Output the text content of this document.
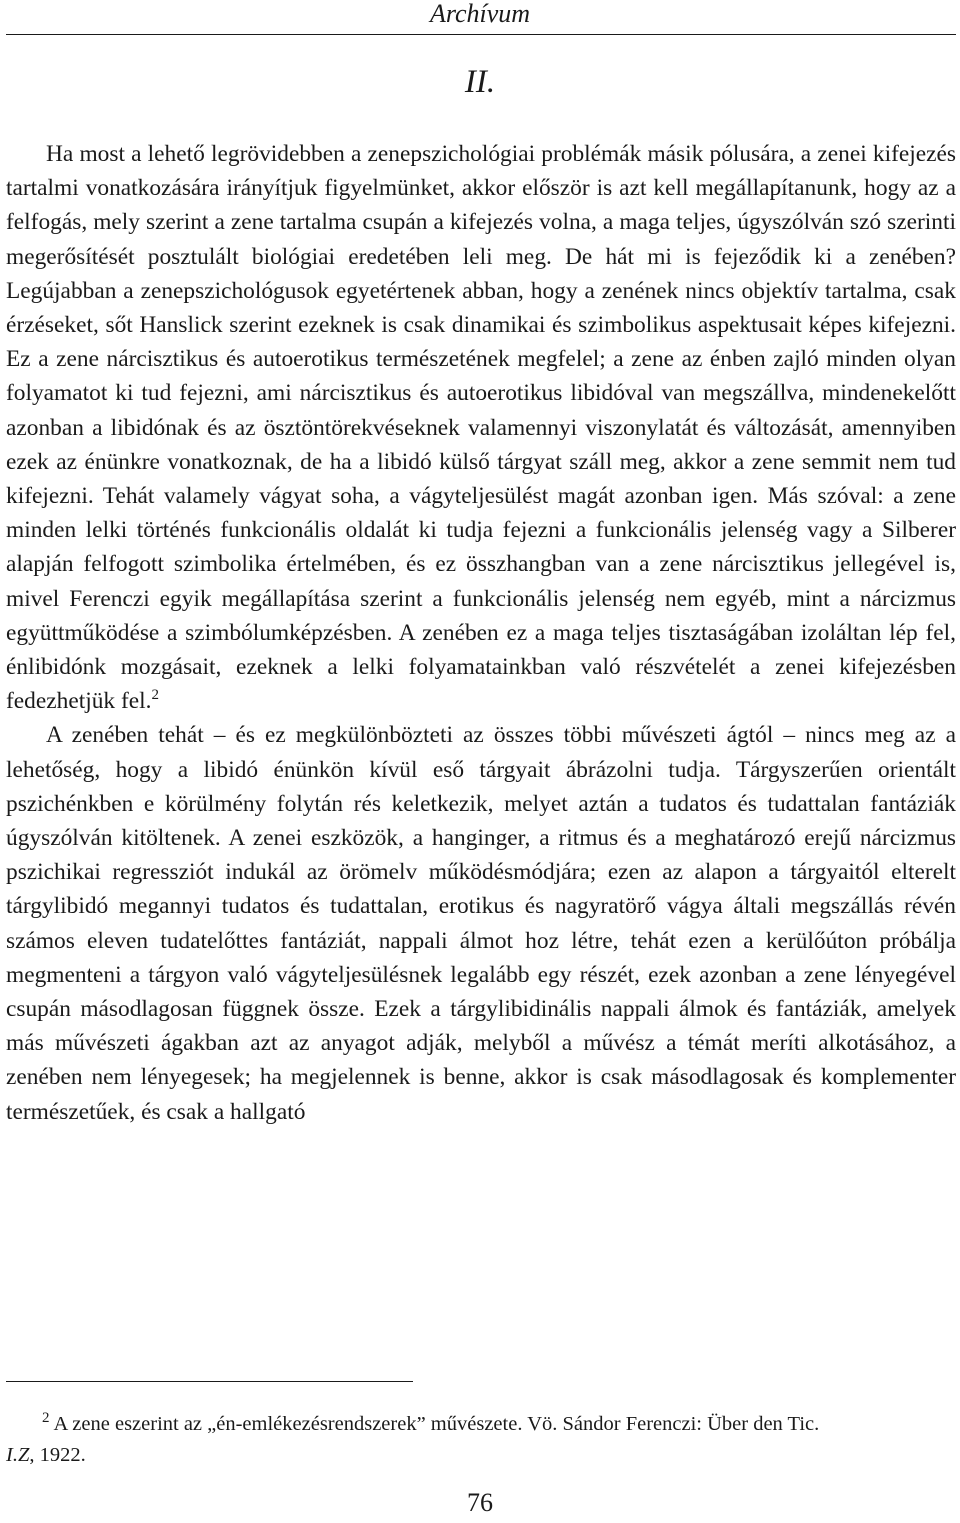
Archívum
II.

Ha most a lehető legrövidebben a zenepszichológiai problémák másik pólusára, a zenei kifejezés tartalmi vonatkozására irányítjuk figyelmünket, akkor először is azt kell megállapítanunk, hogy az a felfogás, mely szerint a zene tartalma csupán a kifejezés volna, a maga teljes, úgyszólván szó szerinti megerősítését posztulált biológiai eredetében leli meg. De hát mi is fejeződik ki a zenében? Legújabban a zenepszichológusok egyetértenek abban, hogy a zenének nincs objektív tartalma, csak érzéseket, sőt Hanslick szerint ezeknek is csak dinamikai és szimbolikus aspektusait képes kifejezni. Ez a zene nárcisztikus és autoerotikus természetének megfelel; a zene az énben zajló minden olyan folyamatot ki tud fejezni, ami nárcisztikus és autoerotikus libidóval van megszállva, mindenekelőtt azonban a libidónak és az ösztöntörekvéseknek valamennyi viszonylatát és változását, amennyiben ezek az énünkre vonatkoznak, de ha a libidó külső tárgyat száll meg, akkor a zene semmit nem tud kifejezni. Tehát valamely vágyat soha, a vágyteljesülést magát azonban igen. Más szóval: a zene minden lelki történés funkcionális oldalát ki tudja fejezni a funkcionális jelenség vagy a Silberer alapján felfogott szimbolika értelmében, és ez összhangban van a zene nárcisztikus jellegével is, mivel Ferenczi egyik megállapítása szerint a funkcionális jelenség nem egyéb, mint a nárcizmus együttműködése a szimbólumképzésben. A zenében ez a maga teljes tisztaságában izoláltan lép fel, énlibidónk mozgásait, ezeknek a lelki folyamatainkban való részvételét a zenei kifejezésben fedezhetjük fel.$^2$

A zenében tehát – és ez megkülönbözteti az összes többi művészeti ágtól – nincs meg az a lehetőség, hogy a libidó énünkön kívül eső tárgyait ábrázolni tudja. Tárgyszerűen orientált pszichénkben e körülmény folytán rés keletkezik, melyet aztán a tudatos és tudattalan fantáziák úgyszólván kitöltenek. A zenei eszközök, a hanginger, a ritmus és a meghatározó erejű nárcizmus pszichikai regressziót indukál az örömelv működésmódjára; ezen az alapon a tárgyaitól elterelt tárgylibidó megannyi tudatos és tudattalan, erotikus és nagyratörő vágya általi megszállás révén számos eleven tudatelőttes fantáziát, nappali álmot hoz létre, tehát ezen a kerülőúton próbálja megmenteni a tárgyon való vágyteljesülésnek legalább egy részét, ezek azonban a zene lényegével csupán másodlagosan függnek össze. Ezek a tárgylibidinális nappali álmok és fantáziák, amelyek más művészeti ágakban azt az anyagot adják, melyből a művész a témát meríti alkotásához, a zenében nem lényegesek; ha megjelennek is benne, akkor is csak másodlagosak és komplementer természetűek, és csak a hallgató

$^2$ A zene eszerint az „én-emlékezésrendszerek” művészete. Vö. Sándor Ferenczi: Über den Tic.
I.Z, 1922.
76
